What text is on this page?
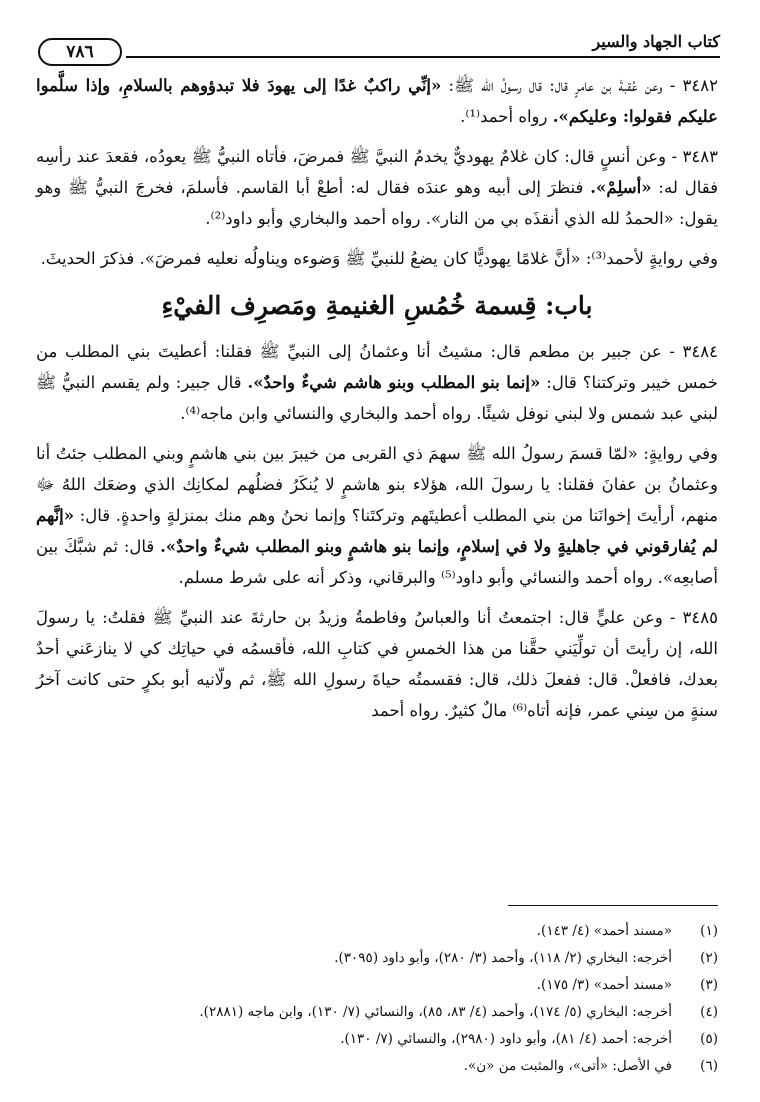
كتاب الجهاد والسير
٧٨٦

٣٤٨٢ - وعن عُقبةَ بن عامرٍ قال: قال رسولُ الله ﷺ: «إنِّي راكبٌ غدًا إلى يهودَ فلا تبدؤوهم بالسلامِ، وإذا سلَّموا عليكم فقولوا: وعليكم». رواه أحمد⁽¹⁾.

٣٤٨٣ - وعن أنسٍ قال: كان غلامٌ يهوديٌّ يخدمُ النبيَّ ﷺ فمرضَ، فأتاه النبيُّ ﷺ يعودُه، فقعدَ عند رأسِه فقال له: «أسلِمْ». فنظرَ إلى أبيه وهو عندَه فقال له: أطعْ أبا القاسم. فأسلمَ، فخرجَ النبيُّ ﷺ وهو يقول: «الحمدُ لله الذي أنقذَه بي من النار». رواه أحمد والبخاري وأبو داود⁽²⁾.

وفي روايةٍ لأحمد⁽³⁾: «أنَّ غلامًا يهوديًّا كان يضعُ للنبيِّ ﷺ وَضوءه ويناولُه نعليه فمرضَ». فذكرَ الحديثَ.

باب: قِسمة خُمُسِ الغنيمةِ ومَصرِف الفيْءِ

٣٤٨٤ - عن جبير بن مطعم قال: مشيتُ أنا وعثمانُ إلى النبيِّ ﷺ فقلنا: أعطيتَ بني المطلب من خمس خيبر وتركتنا؟ قال: «إنما بنو المطلب وبنو هاشم شيءٌ واحدٌ». قال جبير: ولم يقسم النبيُّ ﷺ لبني عبد شمس ولا لبني نوفل شيئًا. رواه أحمد والبخاري والنسائي وابن ماجه⁽⁴⁾.

وفي روايةٍ: «لمّا قسمَ رسولُ الله ﷺ سهمَ ذي القربى من خيبرَ بين بني هاشمٍ وبني المطلب جئتُ أنا وعثمانُ بن عفانَ فقلنا: يا رسولَ الله، هؤلاء بنو هاشمٍ لا يُنكَرُ فضلُهم لمكانِك الذي وضعَك اللهُ ﷻ منهم، أرأيتَ إخوانَنا من بني المطلب أعطيتَهم وتركتَنا؟ وإنما نحنُ وهم منك بمنزلةٍ واحدةٍ. قال: «إنَّهم لم يُفارقوني في جاهليةٍ ولا في إسلامٍ، وإنما بنو هاشمٍ وبنو المطلب شيءٌ واحدٌ». قال: ثم شبَّكَ بين أصابعِه». رواه أحمد والنسائي وأبو داود⁽⁵⁾ والبرقاني، وذكر أنه على شرط مسلم.

٣٤٨٥ - وعن عليٍّ قال: اجتمعتُ أنا والعباسُ وفاطمةُ وزيدُ بن حارثةَ عند النبيِّ ﷺ فقلتُ: يا رسولَ الله، إن رأيتَ أن تولِّيَني حقَّنا من هذا الخمسِ في كتابِ الله، فأقسمُه في حياتِك كي لا ينازعَني أحدٌ بعدك، فافعلْ. قال: ففعلَ ذلك، قال: فقسمتُه حياةَ رسولِ الله ﷺ، ثم ولّانيه أبو بكرٍ حتى كانت آخرُ سنةٍ من سِني عمر، فإنه أتاه⁽⁶⁾ مالٌ كثيرٌ. رواه أحمد

(١)«مسند أحمد» (٤/ ١٤٣).
(٢)أخرجه: البخاري (٢/ ١١٨)، وأحمد (٣/ ٢٨٠)، وأبو داود (٣٠٩٥).
(٣)«مسند أحمد» (٣/ ١٧٥).
(٤)أخرجه: البخاري (٥/ ١٧٤)، وأحمد (٤/ ٨٣، ٨٥)، والنسائي (٧/ ١٣٠)، وابن ماجه (٢٨٨١).
(٥)أخرجه: أحمد (٤/ ٨١)، وأبو داود (٢٩٨٠)، والنسائي (٧/ ١٣٠).
(٦)في الأصل: «أتى»، والمثبت من «ن».
